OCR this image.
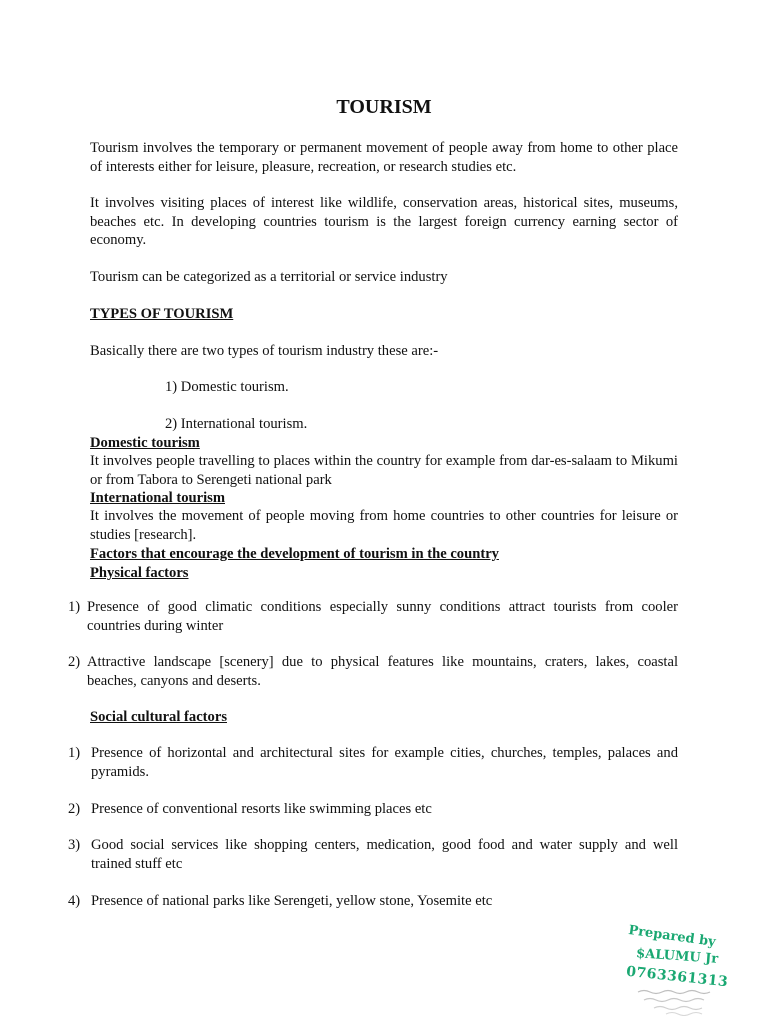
TOURISM
Tourism involves the temporary or permanent movement of people away from home to other place of interests either for leisure, pleasure, recreation, or research studies etc.
It involves visiting places of interest like wildlife, conservation areas, historical sites, museums, beaches etc. In developing countries tourism is the largest foreign currency earning sector of economy.
Tourism can be categorized as a territorial or service industry
TYPES OF TOURISM
Basically there are two types of tourism industry these are:-
1) Domestic tourism.
2) International tourism.
Domestic tourism
It involves people travelling to places within the country for example from dar-es-salaam to Mikumi or from Tabora to Serengeti national park
International tourism
It involves the movement of people moving from home countries to other countries for leisure or studies [research].
Factors that encourage the development of tourism in the country
Physical factors
1) Presence of good climatic conditions especially sunny conditions attract tourists from cooler countries during winter
2) Attractive landscape [scenery] due to physical features like mountains, craters, lakes, coastal beaches, canyons and deserts.
Social cultural factors
1) Presence of horizontal and architectural sites for example cities, churches, temples, palaces and pyramids.
2) Presence of conventional resorts like swimming places etc
3) Good social services like shopping centers, medication, good food and water supply and well trained stuff etc
4) Presence of national parks like Serengeti, yellow stone, Yosemite etc
Prepared by
$ALUMU Jr
0763361313
